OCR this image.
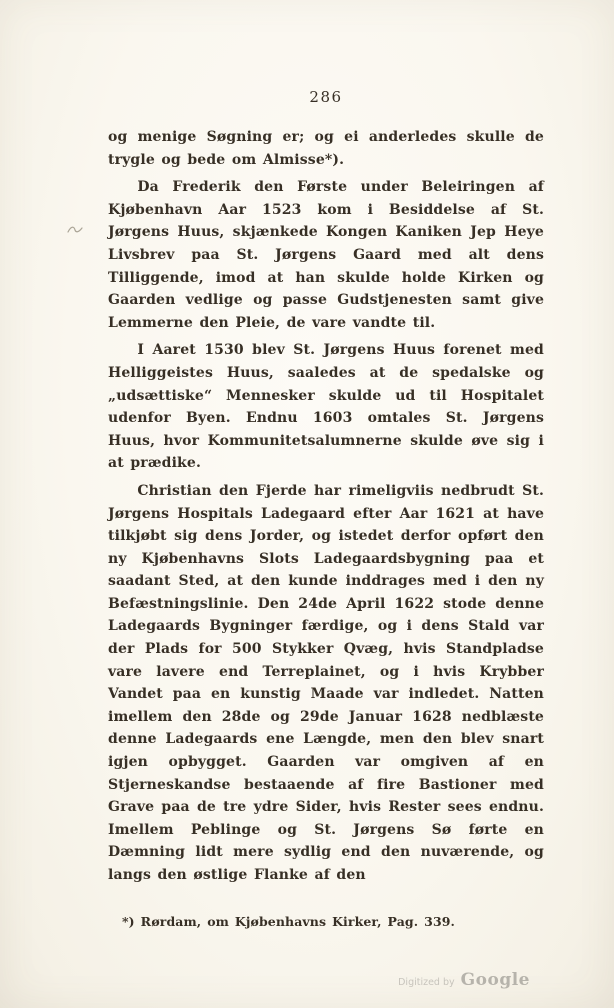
286

og menige Søgning er; og ei anderledes skulle de trygle og bede om Almisse*).

Da Frederik den Første under Beleiringen af Kjøbenhavn Aar 1523 kom i Besiddelse af St. Jørgens Huus, skjænkede Kongen Kaniken Jep Heye Livsbrev paa St. Jørgens Gaard med alt dens Tilliggende, imod at han skulde holde Kirken og Gaarden vedlige og passe Gudstjenesten samt give Lemmerne den Pleie, de vare vandte til.

I Aaret 1530 blev St. Jørgens Huus forenet med Helliggeistes Huus, saaledes at de spedalske og „udsættiske“ Mennesker skulde ud til Hospitalet udenfor Byen. Endnu 1603 omtales St. Jørgens Huus, hvor Kommunitetsalumnerne skulde øve sig i at prædike.

Christian den Fjerde har rimeligviis nedbrudt St. Jørgens Hospitals Ladegaard efter Aar 1621 at have tilkjøbt sig dens Jorder, og istedet derfor opført den ny Kjøbenhavns Slots Ladegaardsbygning paa et saadant Sted, at den kunde inddrages med i den ny Befæstningslinie. Den 24de April 1622 stode denne Ladegaards Bygninger færdige, og i dens Stald var der Plads for 500 Stykker Qvæg, hvis Standpladse vare lavere end Terreplainet, og i hvis Krybber Vandet paa en kunstig Maade var indledet. Natten imellem den 28de og 29de Januar 1628 nedblæste denne Ladegaards ene Længde, men den blev snart igjen opbygget. Gaarden var omgiven af en Stjerneskandse bestaaende af fire Bastioner med Grave paa de tre ydre Sider, hvis Rester sees endnu. Imellem Peblinge og St. Jørgens Sø førte en Dæmning lidt mere sydlig end den nuværende, og langs den østlige Flanke af den

*) Rørdam, om Kjøbenhavns Kirker, Pag. 339.
Digitized by Google
